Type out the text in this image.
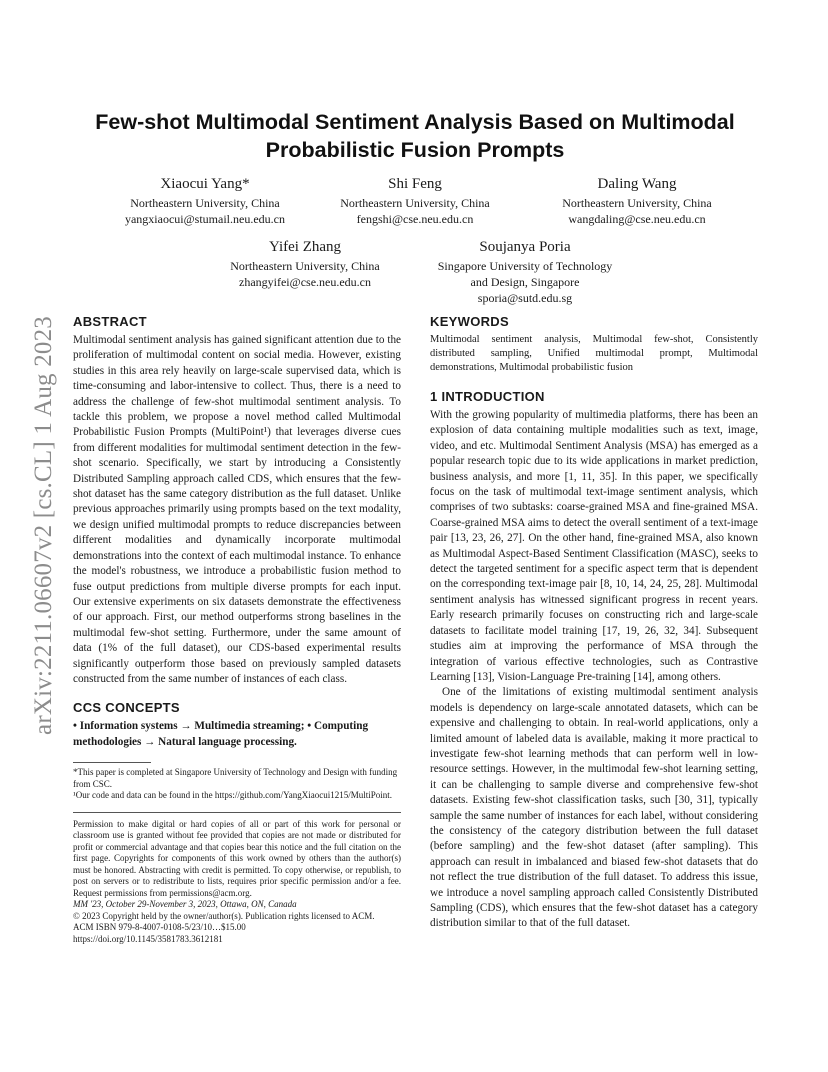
arXiv:2211.06607v2 [cs.CL] 1 Aug 2023
Few-shot Multimodal Sentiment Analysis Based on Multimodal Probabilistic Fusion Prompts
Xiaocui Yang*
Northeastern University, China
yangxiaocui@stumail.neu.edu.cn
Shi Feng
Northeastern University, China
fengshi@cse.neu.edu.cn
Daling Wang
Northeastern University, China
wangdaling@cse.neu.edu.cn
Yifei Zhang
Northeastern University, China
zhangyifei@cse.neu.edu.cn
Soujanya Poria
Singapore University of Technology
and Design, Singapore
sporia@sutd.edu.sg
ABSTRACT

Multimodal sentiment analysis has gained significant attention due to the proliferation of multimodal content on social media. However, existing studies in this area rely heavily on large-scale supervised data, which is time-consuming and labor-intensive to collect. Thus, there is a need to address the challenge of few-shot multimodal sentiment analysis. To tackle this problem, we propose a novel method called Multimodal Probabilistic Fusion Prompts (MultiPoint¹) that leverages diverse cues from different modalities for multimodal sentiment detection in the few-shot scenario. Specifically, we start by introducing a Consistently Distributed Sampling approach called CDS, which ensures that the few-shot dataset has the same category distribution as the full dataset. Unlike previous approaches primarily using prompts based on the text modality, we design unified multimodal prompts to reduce discrepancies between different modalities and dynamically incorporate multimodal demonstrations into the context of each multimodal instance. To enhance the model's robustness, we introduce a probabilistic fusion method to fuse output predictions from multiple diverse prompts for each input. Our extensive experiments on six datasets demonstrate the effectiveness of our approach. First, our method outperforms strong baselines in the multimodal few-shot setting. Furthermore, under the same amount of data (1% of the full dataset), our CDS-based experimental results significantly outperform those based on previously sampled datasets constructed from the same number of instances of each class.

CCS CONCEPTS

• Information systems → Multimedia streaming; • Computing methodologies → Natural language processing.

*This paper is completed at Singapore University of Technology and Design with funding from CSC.

¹Our code and data can be found in the https://github.com/YangXiaocui1215/MultiPoint.

Permission to make digital or hard copies of all or part of this work for personal or classroom use is granted without fee provided that copies are not made or distributed for profit or commercial advantage and that copies bear this notice and the full citation on the first page. Copyrights for components of this work owned by others than the author(s) must be honored. Abstracting with credit is permitted. To copy otherwise, or republish, to post on servers or to redistribute to lists, requires prior specific permission and/or a fee. Request permissions from permissions@acm.org.

MM '23, October 29-November 3, 2023, Ottawa, ON, Canada

© 2023 Copyright held by the owner/author(s). Publication rights licensed to ACM.

ACM ISBN 979-8-4007-0108-5/23/10…$15.00

https://doi.org/10.1145/3581783.3612181

KEYWORDS

Multimodal sentiment analysis, Multimodal few-shot, Consistently distributed sampling, Unified multimodal prompt, Multimodal demonstrations, Multimodal probabilistic fusion

1 INTRODUCTION

With the growing popularity of multimedia platforms, there has been an explosion of data containing multiple modalities such as text, image, video, and etc. Multimodal Sentiment Analysis (MSA) has emerged as a popular research topic due to its wide applications in market prediction, business analysis, and more [1, 11, 35]. In this paper, we specifically focus on the task of multimodal text-image sentiment analysis, which comprises of two subtasks: coarse-grained MSA and fine-grained MSA. Coarse-grained MSA aims to detect the overall sentiment of a text-image pair [13, 23, 26, 27]. On the other hand, fine-grained MSA, also known as Multimodal Aspect-Based Sentiment Classification (MASC), seeks to detect the targeted sentiment for a specific aspect term that is dependent on the corresponding text-image pair [8, 10, 14, 24, 25, 28]. Multimodal sentiment analysis has witnessed significant progress in recent years. Early research primarily focuses on constructing rich and large-scale datasets to facilitate model training [17, 19, 26, 32, 34]. Subsequent studies aim at improving the performance of MSA through the integration of various effective technologies, such as Contrastive Learning [13], Vision-Language Pre-training [14], among others.

One of the limitations of existing multimodal sentiment analysis models is dependency on large-scale annotated datasets, which can be expensive and challenging to obtain. In real-world applications, only a limited amount of labeled data is available, making it more practical to investigate few-shot learning methods that can perform well in low-resource settings. However, in the multimodal few-shot learning setting, it can be challenging to sample diverse and comprehensive few-shot datasets. Existing few-shot classification tasks, such [30, 31], typically sample the same number of instances for each label, without considering the consistency of the category distribution between the full dataset (before sampling) and the few-shot dataset (after sampling). This approach can result in imbalanced and biased few-shot datasets that do not reflect the true distribution of the full dataset. To address this issue, we introduce a novel sampling approach called Consistently Distributed Sampling (CDS), which ensures that the few-shot dataset has a category distribution similar to that of the full dataset.
